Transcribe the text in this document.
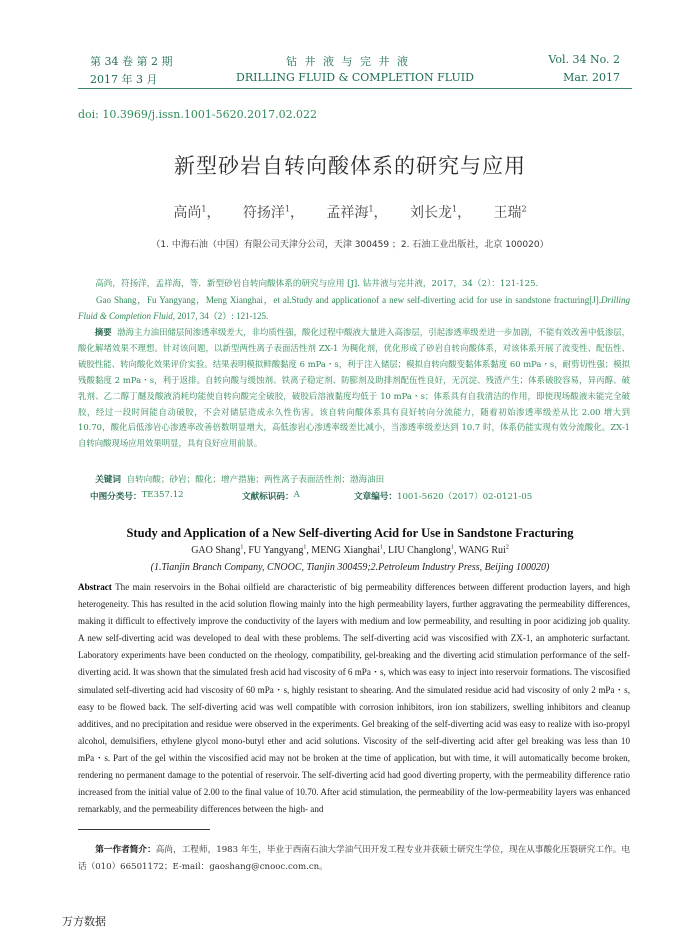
第 34 卷 第 2 期	钻 井 液 与 完 井 液	Vol. 34 No. 2
2017 年 3 月	DRILLING FLUID & COMPLETION FLUID	Mar. 2017
doi: 10.3969/j.issn.1001-5620.2017.02.022
新型砂岩自转向酸体系的研究与应用
高尚$^1$， 符扬洋$^1$， 孟祥海$^1$， 刘长龙$^1$， 王瑞$^2$
（1. 中海石油（中国）有限公司天津分公司，天津 300459 ；2. 石油工业出版社，北京 100020）
高尚，符扬洋，孟祥海，等．新型砂岩自转向酸体系的研究与应用 [J]. 钻井液与完井液，2017，34（2）：121-125.
Gao Shang，Fu Yangyang，Meng Xianghai，et al.Study and applicationof a new self-diverting acid for use in sandstone fracturing[J].Drilling Fluid & Completion Fluid, 2017, 34（2）: 121-125.
摘要 渤海主力油田储层间渗透率级差大，非均质性强，酸化过程中酸液大量进入高渗层，引起渗透率级差进一步加剧，不能有效改善中低渗层，酸化解堵效果不理想。针对该问题，以新型两性离子表面活性剂 ZX-1 为稠化剂，优化形成了砂岩自转向酸体系，对该体系开展了流变性、配伍性、破胶性能、转向酸化效果评价实验。结果表明模拟鲜酸黏度 6 mPa・s，利于注入储层；模拟自转向酸变黏体系黏度 60 mPa・s，耐剪切性强；模拟残酸黏度 2 mPa・s，利于返排。自转向酸与缓蚀剂、铁离子稳定剂、防膨剂及助排剂配伍性良好，无沉淀、残渣产生；体系破胶容易，异丙醇、破乳剂、乙二醇丁醚及酸液消耗均能使自转向酸完全破胶，破胶后溶液黏度均低于 10 mPa・s；体系具有自我清洁的作用，即使现场酸液未能完全破胶，经过一段时间能自动破胶，不会对储层造成永久性伤害。该自转向酸体系具有良好转向分流能力，随着初始渗透率级差从比 2.00 增大到 10.70，酸化后低渗岩心渗透率改善倍数明显增大，高低渗岩心渗透率级差比减小，当渗透率级差达到 10.7 时，体系仍能实现有效分流酸化。ZX-1 自转向酸现场应用效果明显，具有良好应用前景。
关键词 自转向酸；砂岩；酸化；增产措施；两性离子表面活性剂；渤海油田
中图分类号： TE357.12	文献标识码： A	文章编号： 1001-5620（2017）02-0121-05
Study and Application of a New Self-diverting Acid for Use in Sandstone Fracturing
GAO Shang$^1$, FU Yangyang$^1$, MENG Xianghai$^1$, LIU Changlong$^1$, WANG Rui$^2$
(1.Tianjin Branch Company, CNOOC, Tianjin 300459;2.Petroleum Industry Press, Beijing 100020)
Abstract The main reservoirs in the Bohai oilfield are characteristic of big permeability differences between different production layers, and high heterogeneity. This has resulted in the acid solution flowing mainly into the high permeability layers, further aggravating the permeability differences, making it difficult to effectively improve the conductivity of the layers with medium and low permeability, and resulting in poor acidizing job quality. A new self-diverting acid was developed to deal with these problems. The self-diverting acid was viscosified with ZX-1, an amphoteric surfactant. Laboratory experiments have been conducted on the rheology, compatibility, gel-breaking and the diverting acid stimulation performance of the self-diverting acid. It was shown that the simulated fresh acid had viscosity of 6 mPa・s, which was easy to inject into reservoir formations. The viscosified simulated self-diverting acid had viscosity of 60 mPa・s, highly resistant to shearing. And the simulated residue acid had viscosity of only 2 mPa・s, easy to be flowed back. The self-diverting acid was well compatible with corrosion inhibitors, iron ion stabilizers, swelling inhibitors and cleanup additives, and no precipitation and residue were observed in the experiments. Gel breaking of the self-diverting acid was easy to realize with iso-propyl alcohol, demulsifiers, ethylene glycol mono-butyl ether and acid solutions. Viscosity of the self-diverting acid after gel breaking was less than 10 mPa・s. Part of the gel within the viscosified acid may not be broken at the time of application, but with time, it will automatically become broken, rendering no permanent damage to the potential of reservoir. The self-diverting acid had good diverting property, with the permeability difference ratio increased from the initial value of 2.00 to the final value of 10.70. After acid stimulation, the permeability of the low-permeability layers was enhanced remarkably, and the permeability differences between the high- and
第一作者简介：高尚，工程师，1983 年生，毕业于西南石油大学油气田开发工程专业并获硕士研究生学位，现在从事酸化压裂研究工作。电话（010）66501172；E-mail：gaoshang@cnooc.com.cn。
万方数据
